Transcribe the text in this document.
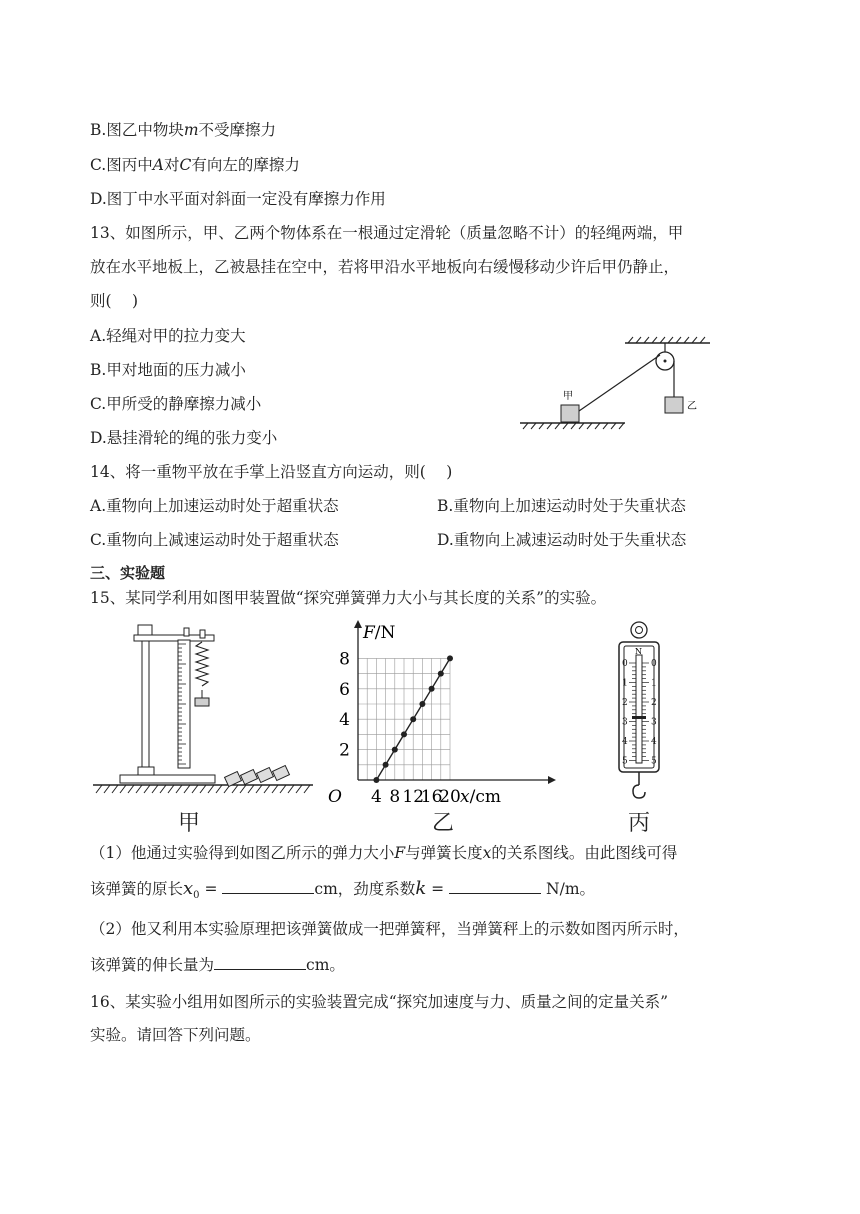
B.图乙中物块m不受摩擦力
C.图丙中A对C有向左的摩擦力
D.图丁中水平面对斜面一定没有摩擦力作用
13、如图所示，甲、乙两个物体系在一根通过定滑轮（质量忽略不计）的轻绳两端，甲
放在水平地板上，乙被悬挂在空中，若将甲沿水平地板向右缓慢移动少许后甲仍静止，
则(　 )
A.轻绳对甲的拉力变大
B.甲对地面的压力减小
C.甲所受的静摩擦力减小
D.悬挂滑轮的绳的张力变小
甲
乙
14、将一重物平放在手掌上沿竖直方向运动，则(　 )
A.重物向上加速运动时处于超重状态	B.重物向上加速运动时处于失重状态
C.重物向上减速运动时处于超重状态	D.重物向上减速运动时处于失重状态
三、实验题
15、某同学利用如图甲装置做“探究弹簧弹力大小与其长度的关系”的实验。
甲
4 8 12
16
20
2
4
6
8
O	x/cm
F/N
乙
N
0	0
1	1
2	2
3	3
4	4
5	5
丙
（1）他通过实验得到如图乙所示的弹力大小F与弹簧长度x的关系图线。由此图线可得
该弹簧的原长$x_0$ =	cm，劲度系数k =	N/m。
（2）他又利用本实验原理把该弹簧做成一把弹簧秤，当弹簧秤上的示数如图丙所示时，
该弹簧的伸长量为	cm。
16、某实验小组用如图所示的实验装置完成“探究加速度与力、质量之间的定量关系”
实验。请回答下列问题。
